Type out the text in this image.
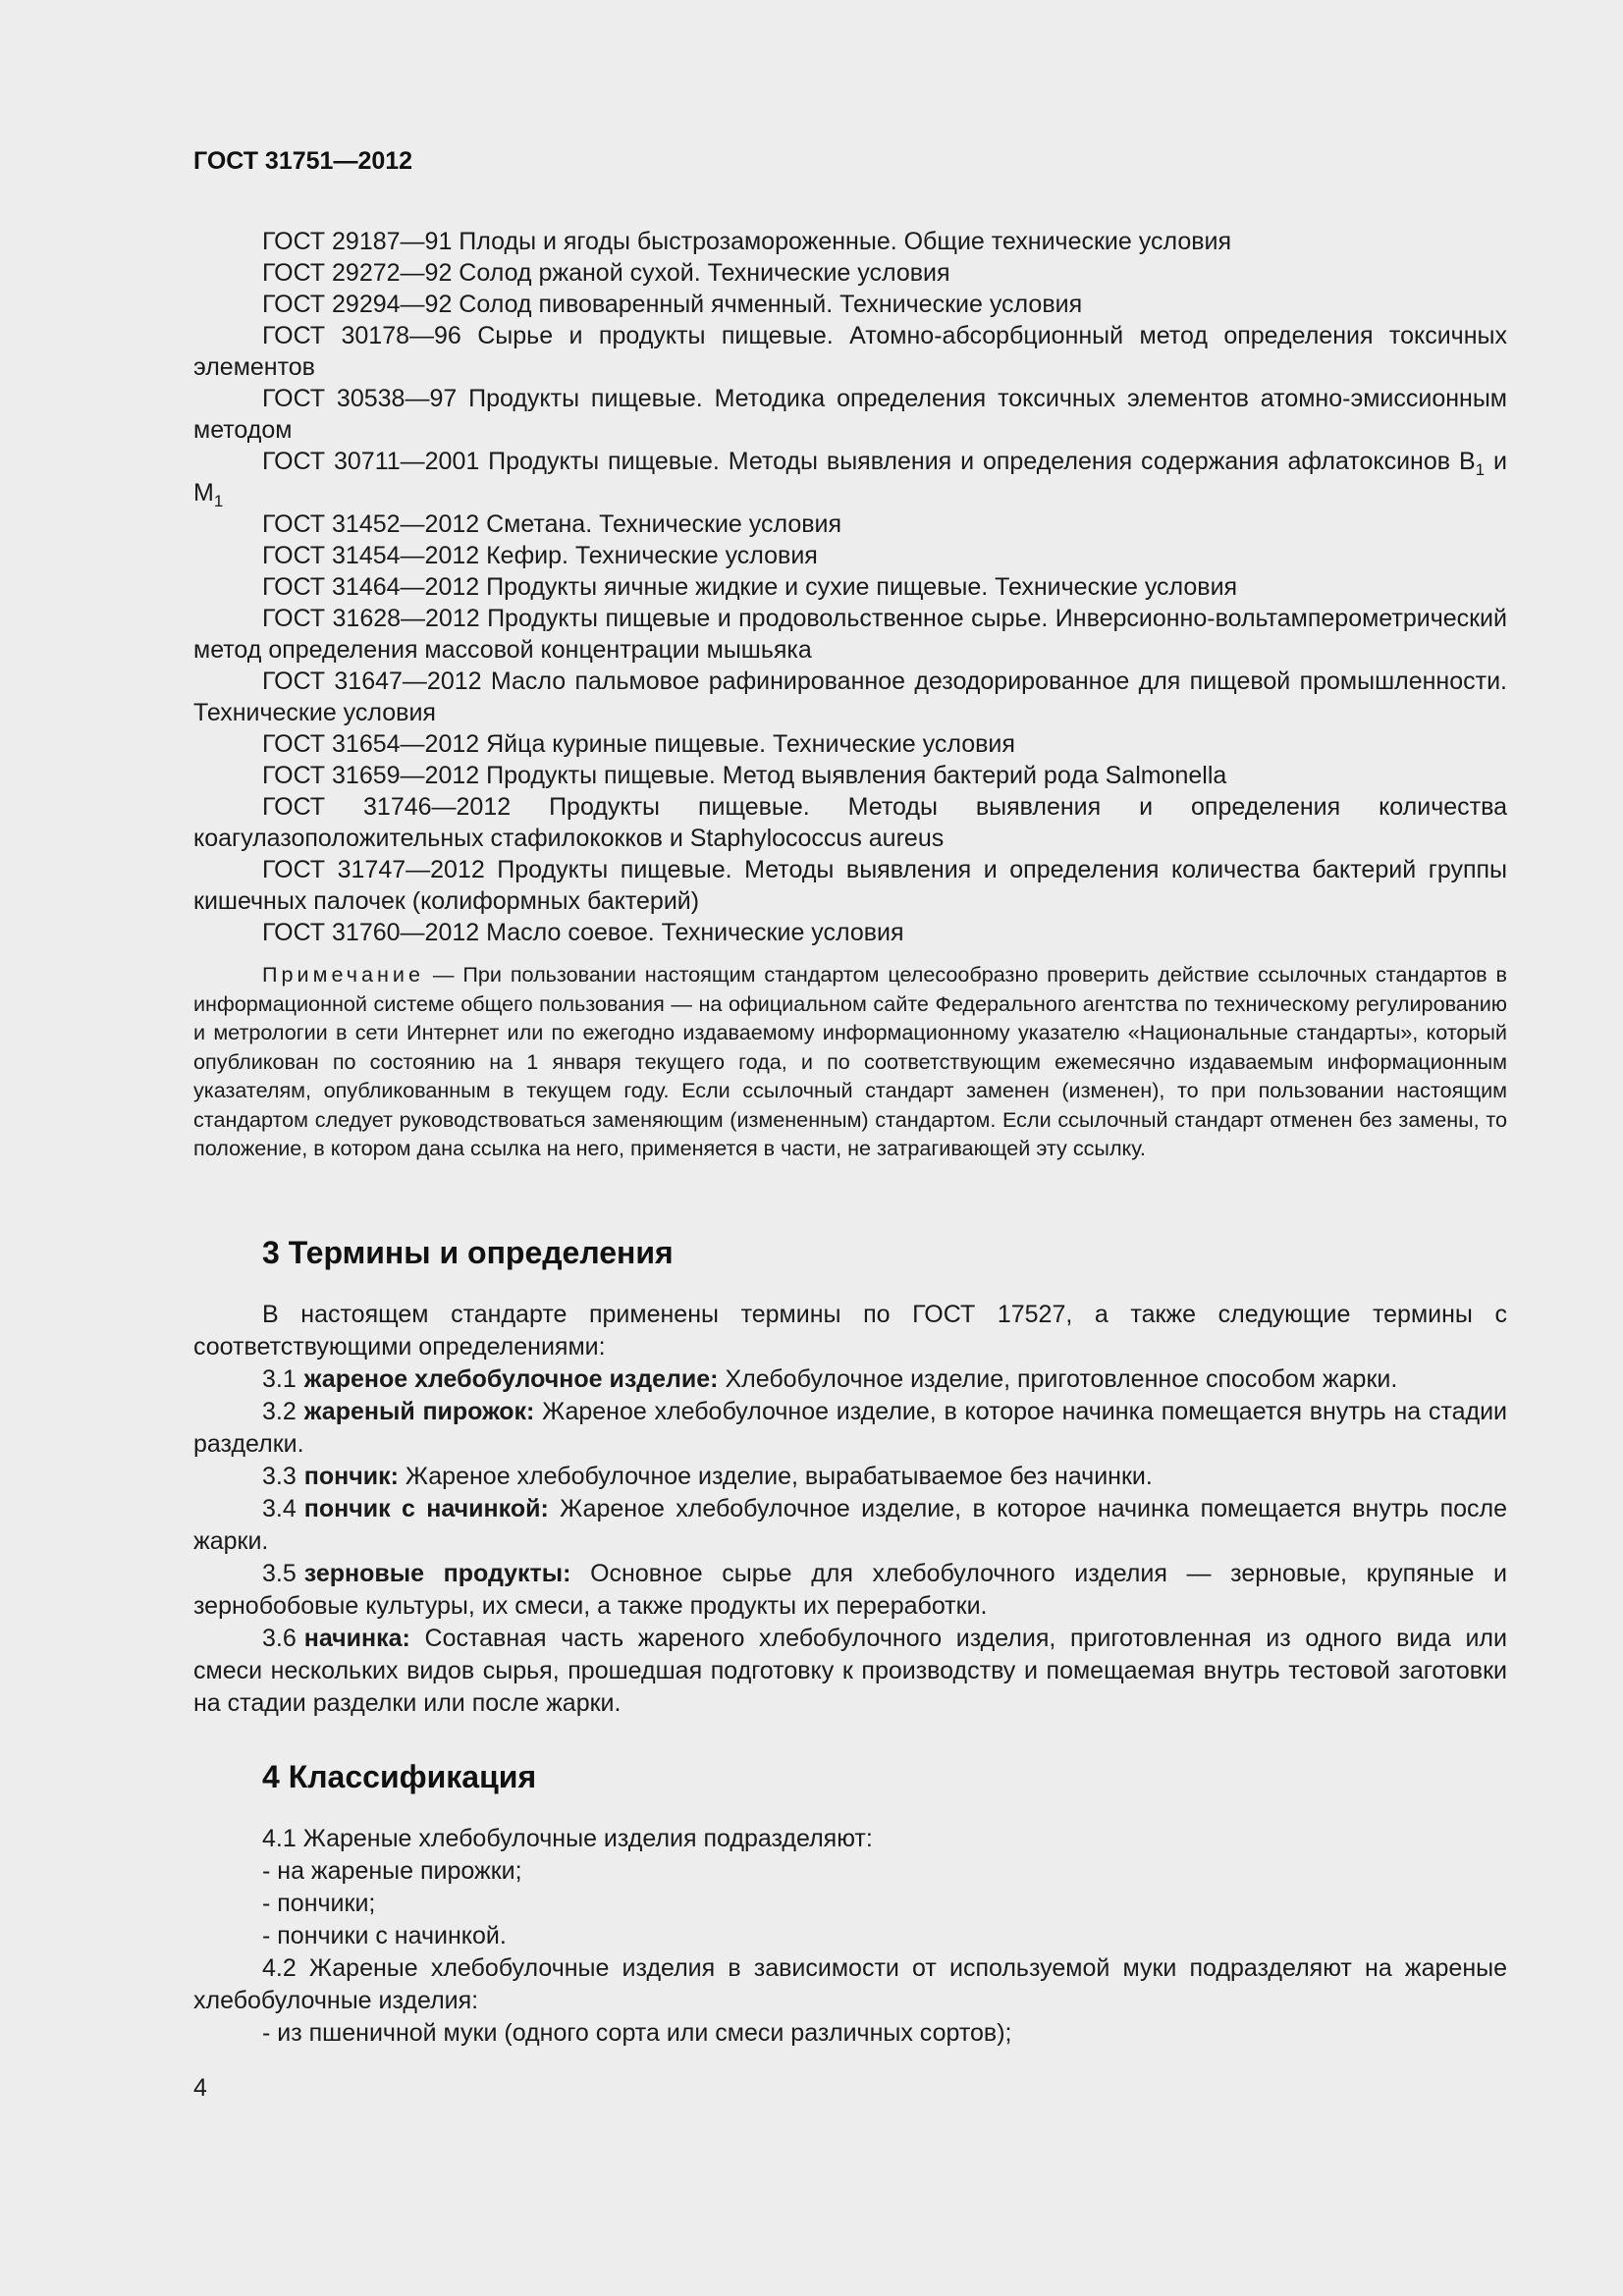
ГОСТ 31751—2012

ГОСТ 29187—91 Плоды и ягоды быстрозамороженные. Общие технические условия

ГОСТ 29272—92 Солод ржаной сухой. Технические условия

ГОСТ 29294—92 Солод пивоваренный ячменный. Технические условия

ГОСТ 30178—96 Сырье и продукты пищевые. Атомно-абсорбционный метод определения токсичных элементов

ГОСТ 30538—97 Продукты пищевые. Методика определения токсичных элементов атомно-эмиссионным методом

ГОСТ 30711—2001 Продукты пищевые. Методы выявления и определения содержания афлатоксинов $В_1$ и $М_1$

ГОСТ 31452—2012 Сметана. Технические условия

ГОСТ 31454—2012 Кефир. Технические условия

ГОСТ 31464—2012 Продукты яичные жидкие и сухие пищевые. Технические условия

ГОСТ 31628—2012 Продукты пищевые и продовольственное сырье. Инверсионно-вольтамперометрический метод определения массовой концентрации мышьяка

ГОСТ 31647—2012 Масло пальмовое рафинированное дезодорированное для пищевой промышленности. Технические условия

ГОСТ 31654—2012 Яйца куриные пищевые. Технические условия

ГОСТ 31659—2012 Продукты пищевые. Метод выявления бактерий рода Salmonella

ГОСТ 31746—2012 Продукты пищевые. Методы выявления и определения количества коагулазоположительных стафилококков и Staphylococcus aureus

ГОСТ 31747—2012 Продукты пищевые. Методы выявления и определения количества бактерий группы кишечных палочек (колиформных бактерий)

ГОСТ 31760—2012 Масло соевое. Технические условия

Примечание — При пользовании настоящим стандартом целесообразно проверить действие ссылочных стандартов в информационной системе общего пользования — на официальном сайте Федерального агентства по техническому регулированию и метрологии в сети Интернет или по ежегодно издаваемому информационному указателю «Национальные стандарты», который опубликован по состоянию на 1 января текущего года, и по соответствующим ежемесячно издаваемым информационным указателям, опубликованным в текущем году. Если ссылочный стандарт заменен (изменен), то при пользовании настоящим стандартом следует руководствоваться заменяющим (измененным) стандартом. Если ссылочный стандарт отменен без замены, то положение, в котором дана ссылка на него, применяется в части, не затрагивающей эту ссылку.

3 Термины и определения

В настоящем стандарте применены термины по ГОСТ 17527, а также следующие термины с соответствующими определениями:

3.1 жареное хлебобулочное изделие: Хлебобулочное изделие, приготовленное способом жарки.

3.2 жареный пирожок: Жареное хлебобулочное изделие, в которое начинка помещается внутрь на стадии разделки.

3.3 пончик: Жареное хлебобулочное изделие, вырабатываемое без начинки.

3.4 пончик с начинкой: Жареное хлебобулочное изделие, в которое начинка помещается внутрь после жарки.

3.5 зерновые продукты: Основное сырье для хлебобулочного изделия — зерновые, крупяные и зернобобовые культуры, их смеси, а также продукты их переработки.

3.6 начинка: Составная часть жареного хлебобулочного изделия, приготовленная из одного вида или смеси нескольких видов сырья, прошедшая подготовку к производству и помещаемая внутрь тестовой заготовки на стадии разделки или после жарки.

4 Классификация

4.1 Жареные хлебобулочные изделия подразделяют:

- на жареные пирожки;

- пончики;

- пончики с начинкой.

4.2 Жареные хлебобулочные изделия в зависимости от используемой муки подразделяют на жареные хлебобулочные изделия:

- из пшеничной муки (одного сорта или смеси различных сортов);

4
